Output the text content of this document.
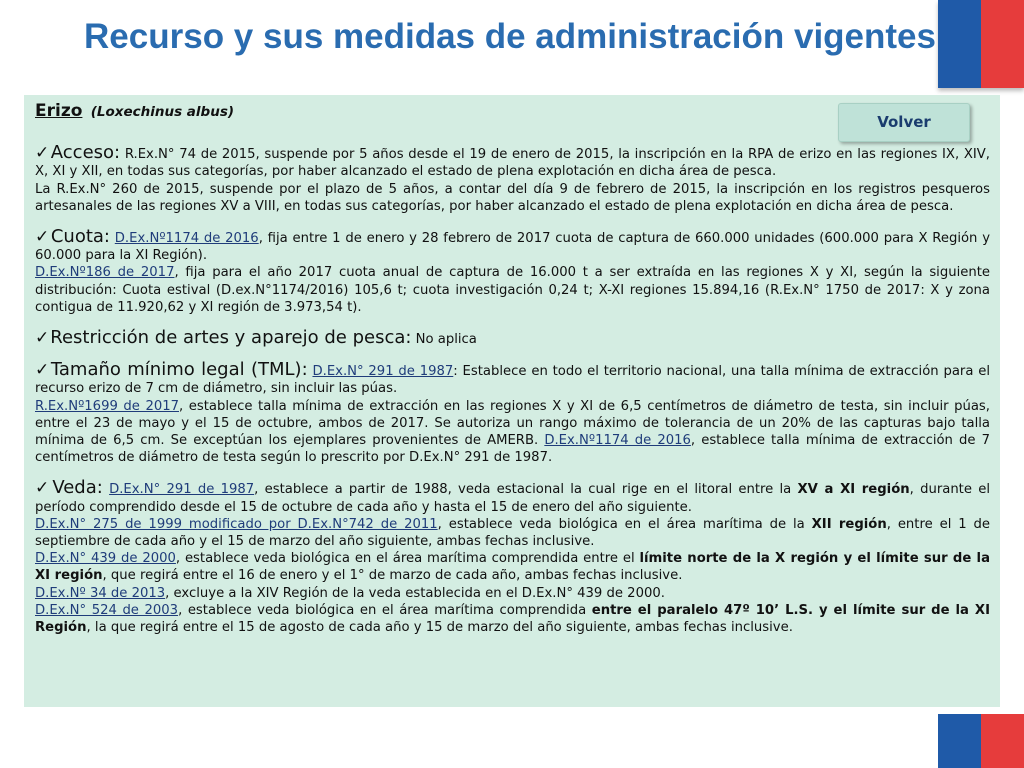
Recurso y sus medidas de administración vigentes
Erizo (Loxechinus albus)

✓Acceso: R.Ex.N° 74 de 2015, suspende por 5 años desde el 19 de enero de 2015, la inscripción en la RPA de erizo en las regiones IX, XIV, X, XI y XII, en todas sus categorías, por haber alcanzado el estado de plena explotación en dicha área de pesca.

La R.Ex.N° 260 de 2015, suspende por el plazo de 5 años, a contar del día 9 de febrero de 2015, la inscripción en los registros pesqueros artesanales de las regiones XV a VIII, en todas sus categorías, por haber alcanzado el estado de plena explotación en dicha área de pesca.

✓Cuota: D.Ex.Nº1174 de 2016, fija entre 1 de enero y 28 febrero de 2017 cuota de captura de 660.000 unidades (600.000 para X Región y 60.000 para la XI Región).

D.Ex.Nº186 de 2017, fija para el año 2017 cuota anual de captura de 16.000 t a ser extraída en las regiones X y XI, según la siguiente distribución: Cuota estival (D.ex.N°1174/2016) 105,6 t; cuota investigación 0,24 t; X-XI regiones 15.894,16 (R.Ex.N° 1750 de 2017: X y zona contigua de 11.920,62 y XI región de 3.973,54 t).

✓Restricción de artes y aparejo de pesca: No aplica

✓Tamaño mínimo legal (TML): D.Ex.N° 291 de 1987: Establece en todo el territorio nacional, una talla mínima de extracción para el recurso erizo de 7 cm de diámetro, sin incluir las púas.

R.Ex.Nº1699 de 2017, establece talla mínima de extracción en las regiones X y XI de 6,5 centímetros de diámetro de testa, sin incluir púas, entre el 23 de mayo y el 15 de octubre, ambos de 2017. Se autoriza un rango máximo de tolerancia de un 20% de las capturas bajo talla mínima de 6,5 cm. Se exceptúan los ejemplares provenientes de AMERB. D.Ex.Nº1174 de 2016, establece talla mínima de extracción de 7 centímetros de diámetro de testa según lo prescrito por D.Ex.N° 291 de 1987.

✓Veda: D.Ex.N° 291 de 1987, establece a partir de 1988, veda estacional la cual rige en el litoral entre la XV a XI región, durante el período comprendido desde el 15 de octubre de cada año y hasta el 15 de enero del año siguiente.

D.Ex.N° 275 de 1999 modificado por D.Ex.N°742 de 2011, establece veda biológica en el área marítima de la XII región, entre el 1 de septiembre de cada año y el 15 de marzo del año siguiente, ambas fechas inclusive.

D.Ex.N° 439 de 2000, establece veda biológica en el área marítima comprendida entre el límite norte de la X región y el límite sur de la XI región, que regirá entre el 16 de enero y el 1° de marzo de cada año, ambas fechas inclusive.

D.Ex.Nº 34 de 2013, excluye a la XIV Región de la veda establecida en el D.Ex.N° 439 de 2000.

D.Ex.N° 524 de 2003, establece veda biológica en el área marítima comprendida entre el paralelo 47º 10’ L.S. y el límite sur de la XI Región, la que regirá entre el 15 de agosto de cada año y 15 de marzo del año siguiente, ambas fechas inclusive.

Volver
